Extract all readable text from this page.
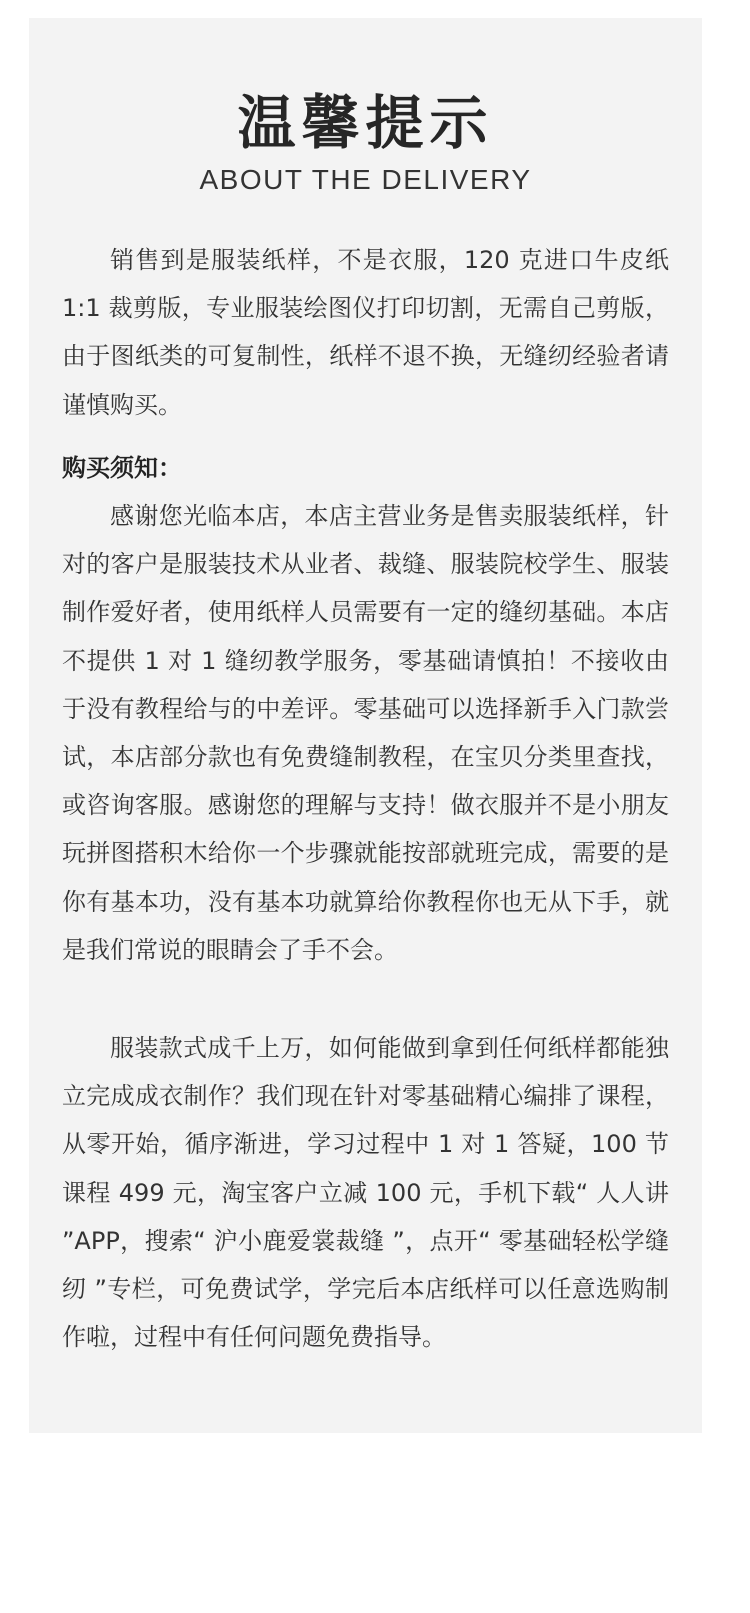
温馨提示
ABOUT THE DELIVERY

销售到是服装纸样，不是衣服，120 克进口牛皮纸 1:1 裁剪版，专业服装绘图仪打印切割，无需自己剪版，由于图纸类的可复制性，纸样不退不换，无缝纫经验者请谨慎购买。

购买须知：

感谢您光临本店，本店主营业务是售卖服装纸样，针对的客户是服装技术从业者、裁缝、服装院校学生、服装制作爱好者，使用纸样人员需要有一定的缝纫基础。本店不提供 1 对 1 缝纫教学服务，零基础请慎拍！不接收由于没有教程给与的中差评。零基础可以选择新手入门款尝试，本店部分款也有免费缝制教程，在宝贝分类里查找，或咨询客服。感谢您的理解与支持！做衣服并不是小朋友玩拼图搭积木给你一个步骤就能按部就班完成，需要的是你有基本功，没有基本功就算给你教程你也无从下手，就是我们常说的眼睛会了手不会。

服装款式成千上万，如何能做到拿到任何纸样都能独立完成成衣制作？我们现在针对零基础精心编排了课程，从零开始，循序渐进，学习过程中 1 对 1 答疑，100 节课程 499 元，淘宝客户立减 100 元，手机下载“ 人人讲 ”APP，搜索“ 沪小鹿爱裳裁缝 ”，点开“ 零基础轻松学缝纫 ”专栏，可免费试学，学完后本店纸样可以任意选购制作啦，过程中有任何问题免费指导。
